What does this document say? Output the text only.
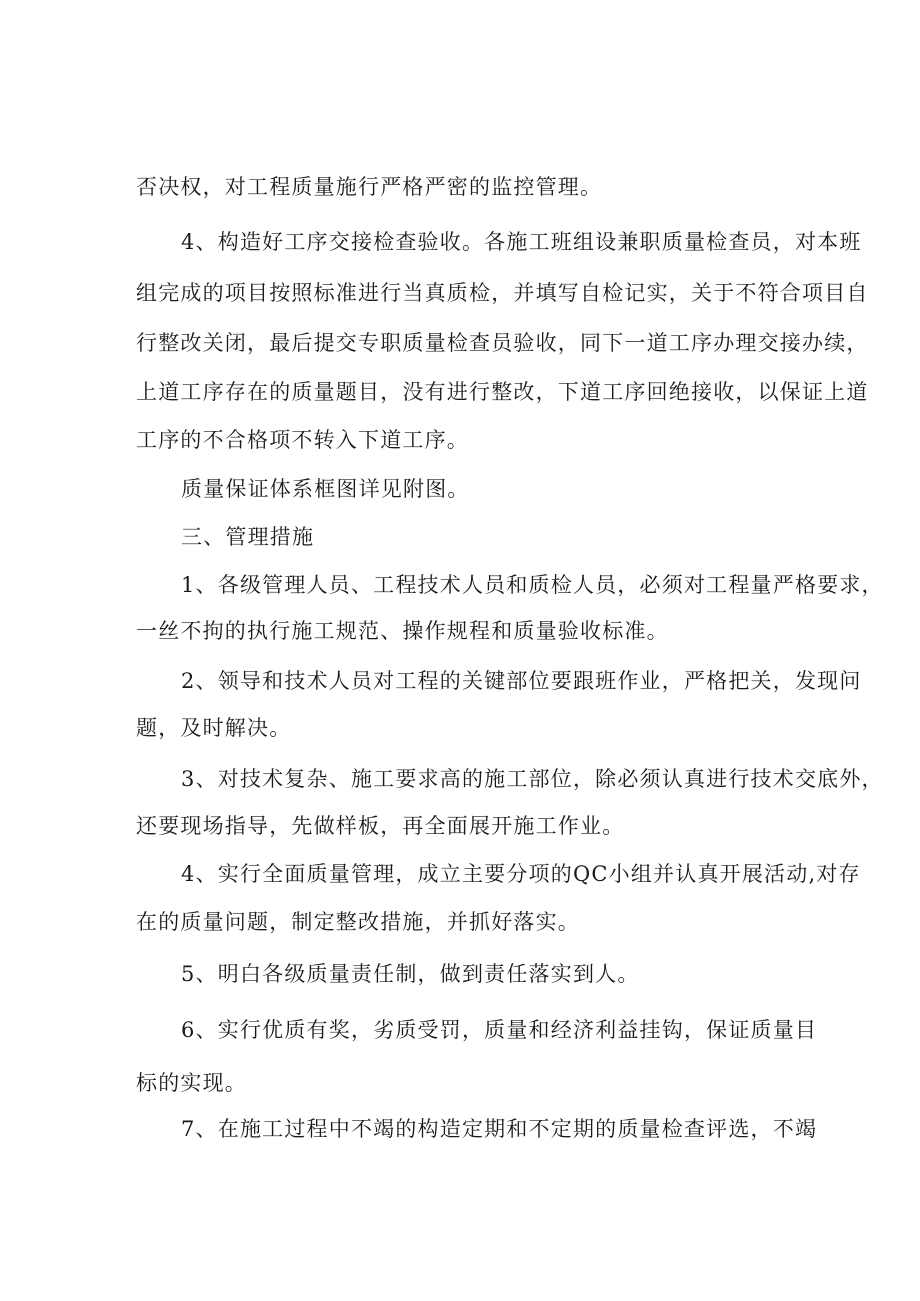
否决权，对工程质量施行严格严密的监控管理。
4、构造好工序交接检查验收。各施工班组设兼职质量检查员，对本班
组完成的项目按照标准进行当真质检，并填写自检记实，关于不符合项目自
行整改关闭，最后提交专职质量检查员验收，同下一道工序办理交接办续，
上道工序存在的质量题目，没有进行整改，下道工序回绝接收，以保证上道
工序的不合格项不转入下道工序。
质量保证体系框图详见附图。
三、管理措施
1、各级管理人员、工程技术人员和质检人员，必须对工程量严格要求，
一丝不拘的执行施工规范、操作规程和质量验收标准。
2、领导和技术人员对工程的关键部位要跟班作业，严格把关，发现问
题，及时解决。
3、对技术复杂、施工要求高的施工部位，除必须认真进行技术交底外，
还要现场指导，先做样板，再全面展开施工作业。
4、实行全面质量管理，成立主要分项的QC小组并认真开展活动,对存
在的质量问题，制定整改措施，并抓好落实。
5、明白各级质量责任制，做到责任落实到人。
6、实行优质有奖，劣质受罚，质量和经济利益挂钩，保证质量目
标的实现。
7、在施工过程中不竭的构造定期和不定期的质量检查评选，不竭
